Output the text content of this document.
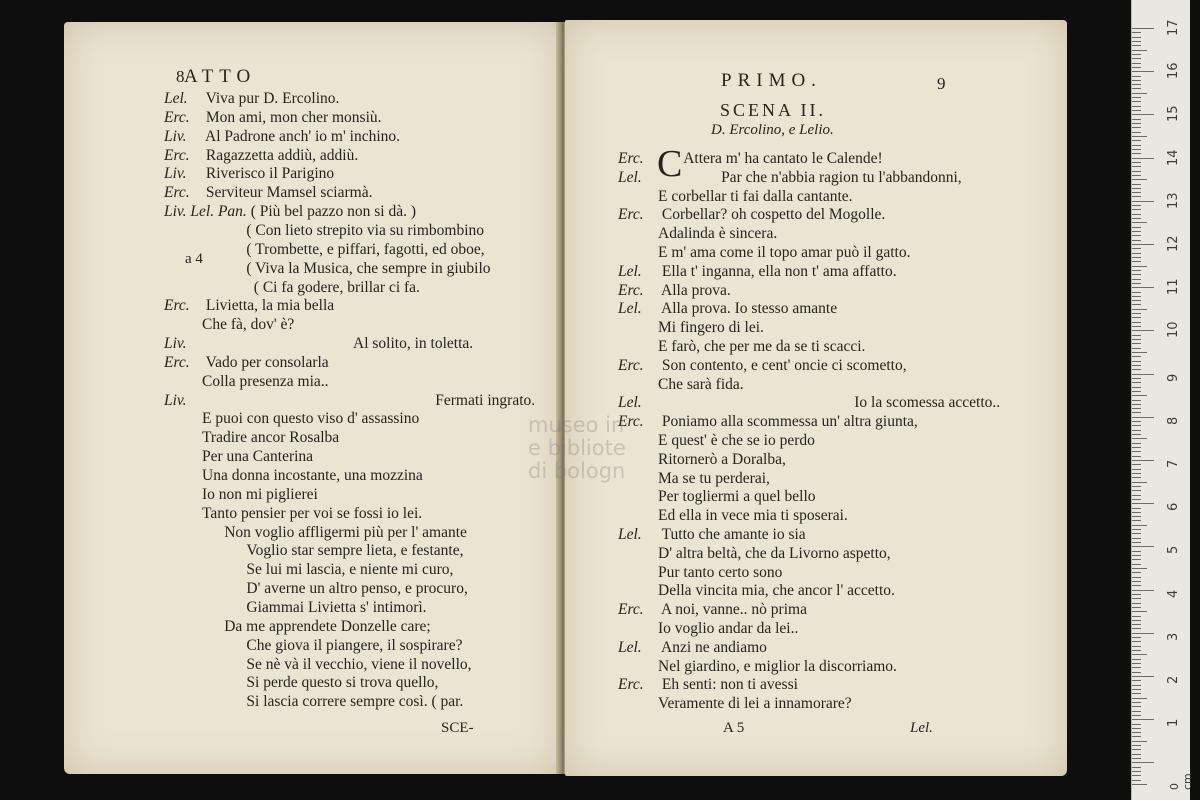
8 ATTO
a 4
Lel. Viva pur D. Ercolino.
Erc. Mon ami, mon cher monsiù.
Liv. Al Padrone anch' io m' inchino.
Erc. Ragazzetta addiù, addiù.
Liv. Riverisco il Parigino
Erc. Serviteur Mamsel sciarmà.
Liv. Lel. Pan. ( Più bel pazzo non si dà. )
( Con lieto strepito via su rimbombino
( Trombette, e piffari, fagotti, ed oboe,
( Viva la Musica, che sempre in giubilo
( Ci fa godere, brillar ci fa.
Erc. Livietta, la mia bella
Che fà, dov' è?
Liv.	Al solito, in toletta.
Erc. Vado per consolarla
Colla presenza mia..
Liv.	Fermati ingrato.
E puoi con questo viso d' assassino
Tradire ancor Rosalba
Per una Canterina
Una donna incostante, una mozzina
Io non mi piglierei
Tanto pensier per voi se fossi io lei.
Non voglio affligermi più per l' amante
Voglio star sempre lieta, e festante,
Se lui mi lascia, e niente mi curo,
D' averne un altro penso, e procuro,
Giammai Livietta s' intimorì.
Da me apprendete Donzelle care;
Che giova il piangere, il sospirare?
Se nè và il vecchio, viene il novello,
Si perde questo si trova quello,
Si lascia correre sempre così. ( par.
SCE-
PRIMO.	9
SCENA II.
D. Ercolino, e Lelio.
C
Erc. Attera m' ha cantato le Calende!
Lel.	Par che n'abbia ragion tu l'abbandonni,
E corbellar ti fai dalla cantante.
Erc. Corbellar? oh cospetto del Mogolle.
Adalinda è sincera.
E m' ama come il topo amar può il gatto.
Lel. Ella t' inganna, ella non t' ama affatto.
Erc. Alla prova.
Lel. Alla prova. Io stesso amante
Mi fingero di lei.
E farò, che per me da se ti scacci.
Erc. Son contento, e cent' oncie ci scometto,
Che sarà fida.
Lel.	Io la scomessa accetto..
Erc. Poniamo alla scommessa un' altra giunta,
E quest' è che se io perdo
Ritornerò a Doralba,
Ma se tu perderai,
Per togliermi a quel bello
Ed ella in vece mia ti sposerai.
Lel. Tutto che amante io sia
D' altra beltà, che da Livorno aspetto,
Pur tanto certo sono
Della vincita mia, che ancor l' accetto.
Erc. A noi, vanne.. nò prima
Io voglio andar da lei..
Lel. Anzi ne andiamo
Nel giardino, e miglior la discorriamo.
Erc. Eh senti: non ti avessi
Veramente di lei a innamorare?
A 5	Lel.
museo in
e bibliote
di bologn
0 cm
17
16
15
14
13
12
11
10
9
8
7
6
5
4
3
2
1
